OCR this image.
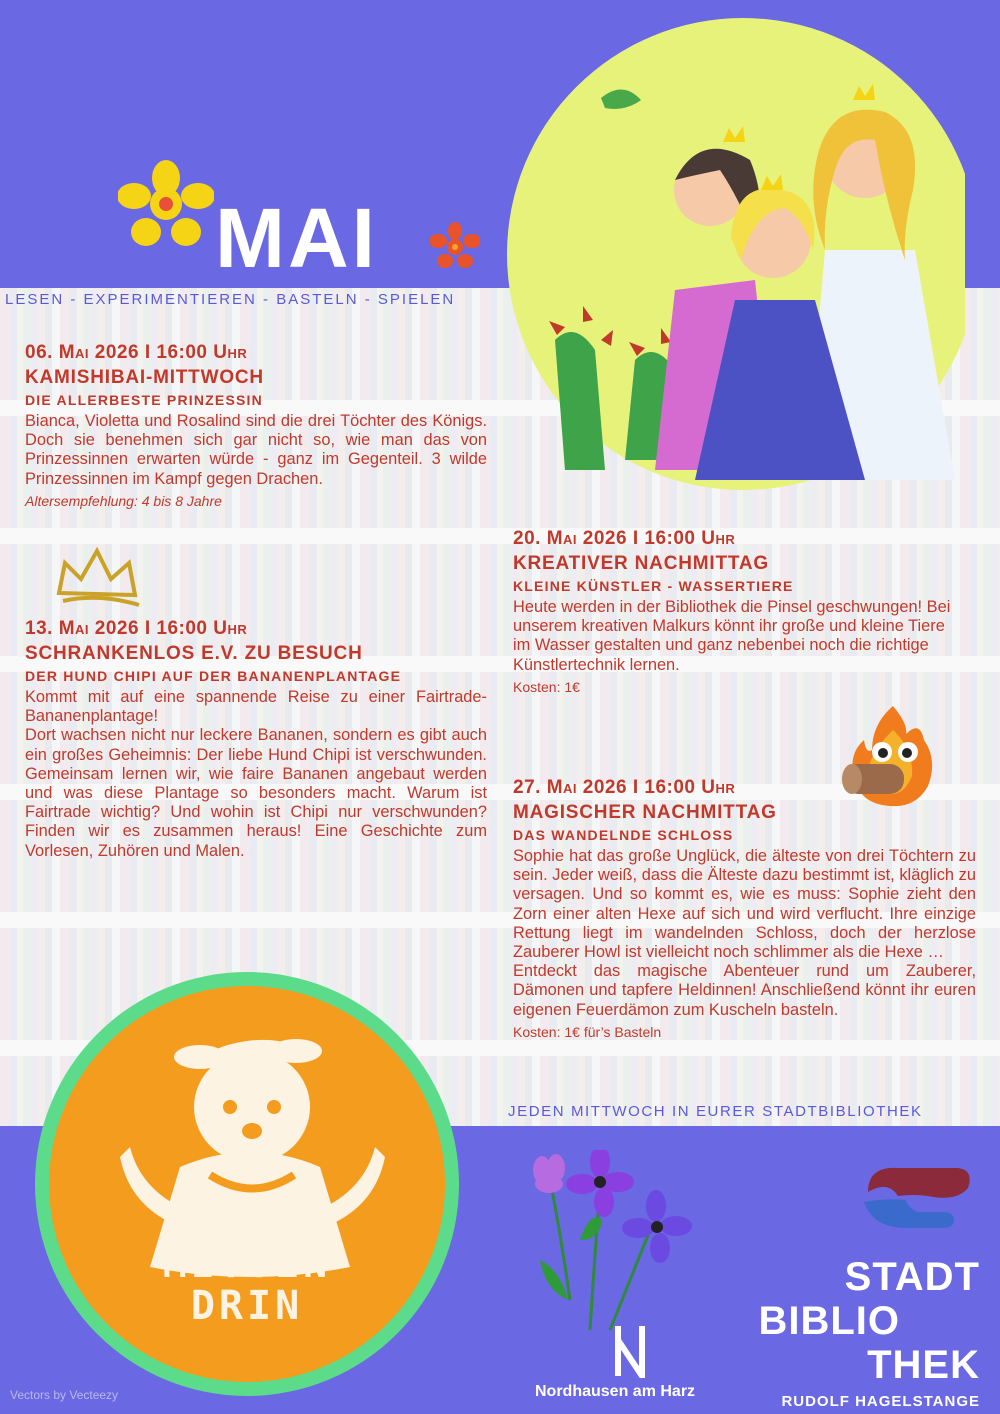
MAI
LESEN - EXPERIMENTIEREN - BASTELN - SPIELEN
06. Mai 2026 I 16:00 Uhr
KAMISHIBAI-MITTWOCH
DIE ALLERBESTE PRINZESSIN
Bianca, Violetta und Rosalind sind die drei Töchter des Königs. Doch sie benehmen sich gar nicht so, wie man das von Prinzessinnen erwarten würde - ganz im Gegenteil. 3 wilde Prinzessinnen im Kampf gegen Drachen.
Altersempfehlung: 4 bis 8 Jahre
13. Mai 2026 I 16:00 Uhr
SCHRANKENLOS E.V. ZU BESUCH
DER HUND CHIPI AUF DER BANANENPLANTAGE
Kommt mit auf eine spannende Reise zu einer Fairtrade-Bananenplantage!
Dort wachsen nicht nur leckere Bananen, sondern es gibt auch ein großes Geheimnis: Der liebe Hund Chipi ist verschwunden. Gemeinsam lernen wir, wie faire Bananen angebaut werden und was diese Plantage so besonders macht. Warum ist Fairtrade wichtig? Und wohin ist Chipi nur verschwunden? Finden wir es zusammen heraus! Eine Geschichte zum Vorlesen, Zuhören und Malen.
20. Mai 2026 I 16:00 Uhr
KREATIVER NACHMITTAG
KLEINE KÜNSTLER - WASSERTIERE
Heute werden in der Bibliothek die Pinsel geschwungen! Bei unserem kreativen Malkurs könnt ihr große und kleine Tiere im Wasser gestalten und ganz nebenbei noch die richtige Künstlertechnik lernen.
Kosten: 1€
27. Mai 2026 I 16:00 Uhr
MAGISCHER NACHMITTAG
DAS WANDELNDE SCHLOSS
Sophie hat das große Unglück, die älteste von drei Töchtern zu sein. Jeder weiß, dass die Älteste dazu bestimmt ist, kläglich zu versagen. Und so kommt es, wie es muss: Sophie zieht den Zorn einer alten Hexe auf sich und wird verflucht. Ihre einzige Rettung liegt im wandelnden Schloss, doch der herzlose Zauberer Howl ist vielleicht noch schlimmer als die Hexe …
Entdeckt das magische Abenteuer rund um Zauberer, Dämonen und tapfere Heldinnen! Anschließend könnt ihr euren eigenen Feuerdämon zum Kuscheln basteln.
Kosten: 1€ für’s Basteln
JEDEN MITTWOCH IN EURER STADTBIBLIOTHEK
MITTEN
DRIN
Nordhausen am Harz
STADT
BIBLIO
THEK
RUDOLF HAGELSTANGE
Vectors by Vecteezy
